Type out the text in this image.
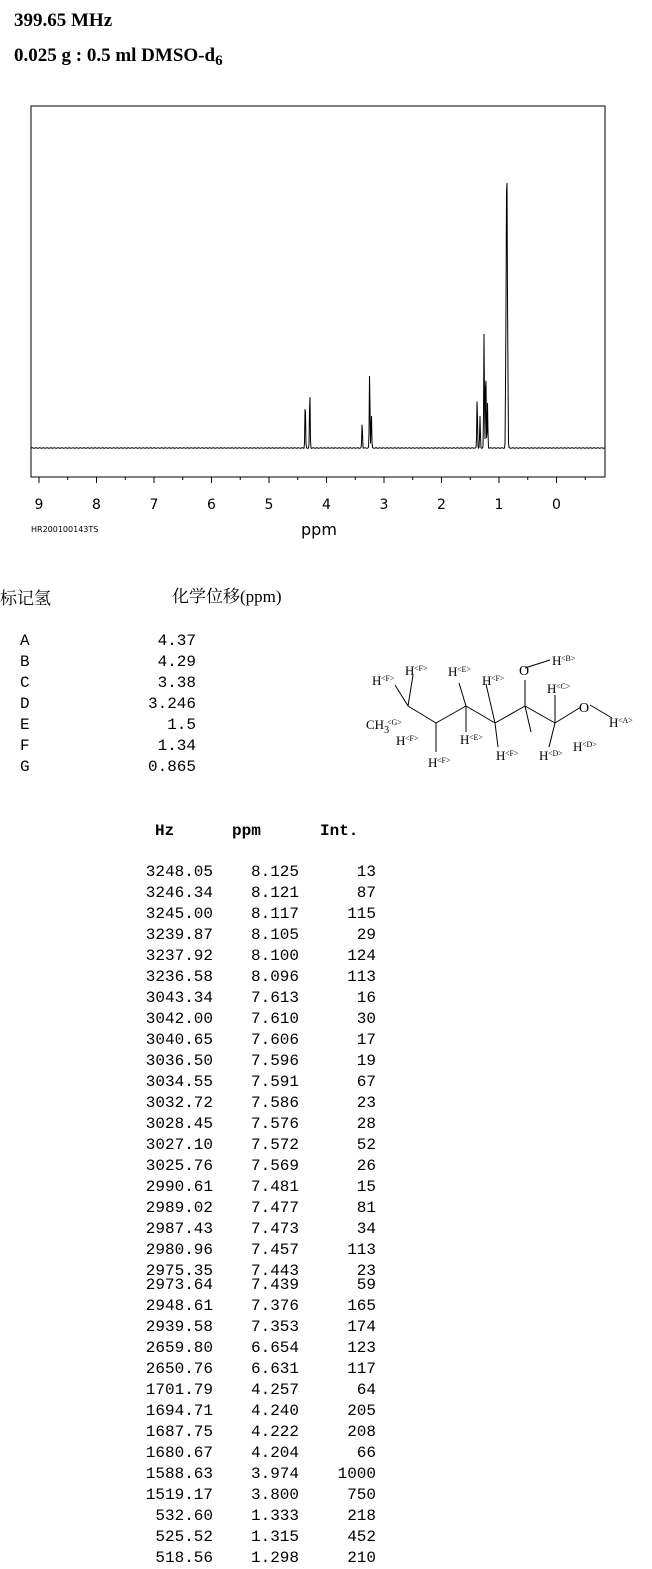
399.65 MHz
0.025 g : 0.5 ml DMSO-$d_6$
9	8	7	6	5	4	3	2	1	0
HR200100143TS	ppm
标记氢	化学位移(ppm)
A	4.37
B	4.29
C	3.38
D	3.246
E	1.5
F	1.34
G	0.865
O
O
$CH_3$
H <F>
H <F> H <E>
H <F>
H <B>
H <C>
H <A>
<G>
H <F>	H <E>
H <F> H <D> H <D>
H <F>
Hz	ppm	Int.
3248.05	8.125	13
3246.34	8.121	87
3245.00	8.117	115
3239.87	8.105	29
3237.92	8.100	124
3236.58	8.096	113
3043.34	7.613	16
3042.00	7.610	30
3040.65	7.606	17
3036.50	7.596	19
3034.55	7.591	67
3032.72	7.586	23
3028.45	7.576	28
3027.10	7.572	52
3025.76	7.569	26
2990.61	7.481	15
2989.02	7.477	81
2987.43	7.473	34
2980.96	7.457	113
2975.35	7.443	23
2973.64	7.439	59
2948.61	7.376	165
2939.58	7.353	174
2659.80	6.654	123
2650.76	6.631	117
1701.79	4.257	64
1694.71	4.240	205
1687.75	4.222	208
1680.67	4.204	66
1588.63	3.974	1000
1519.17	3.800	750
532.60	1.333	218
525.52	1.315	452
518.56	1.298	210
